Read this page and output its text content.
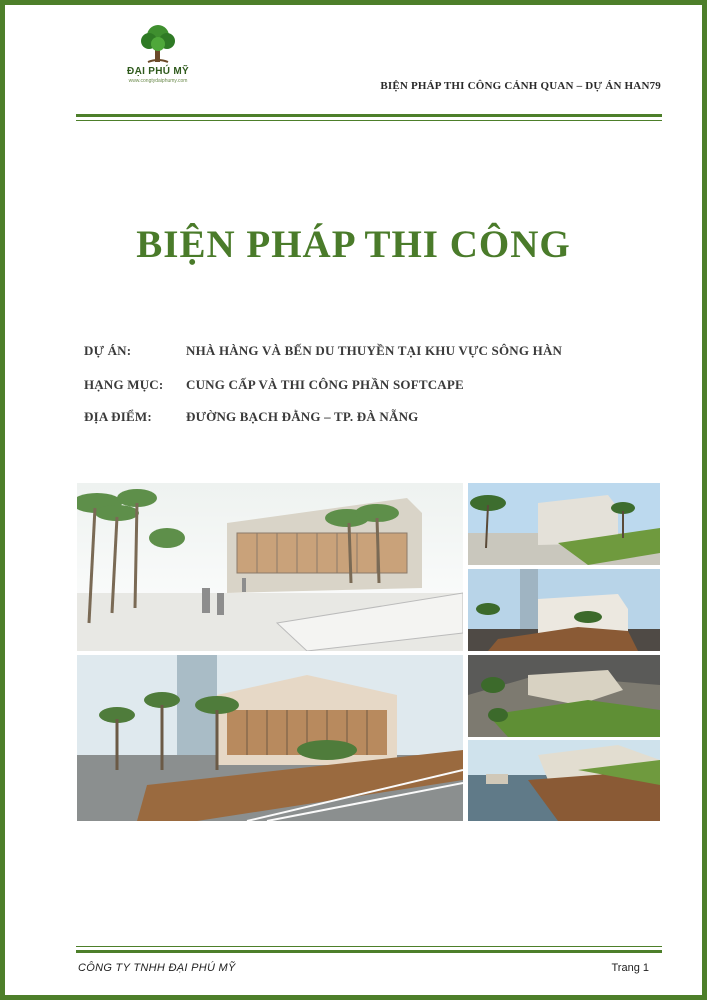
ĐẠI PHÚ MỸ
www.congtydaiphumy.com	BIỆN PHÁP THI CÔNG CẢNH QUAN – DỰ ÁN HAN79
BIỆN PHÁP THI CÔNG
DỰ ÁN:	NHÀ HÀNG VÀ BẾN DU THUYỀN TẠI KHU VỰC SÔNG HÀN
HẠNG MỤC: CUNG CẤP VÀ THI CÔNG PHẦN SOFTCAPE
ĐỊA ĐIỂM:	ĐƯỜNG BẠCH ĐẰNG – TP. ĐÀ NẴNG
CÔNG TY TNHH ĐẠI PHÚ MỸ	Trang 1
